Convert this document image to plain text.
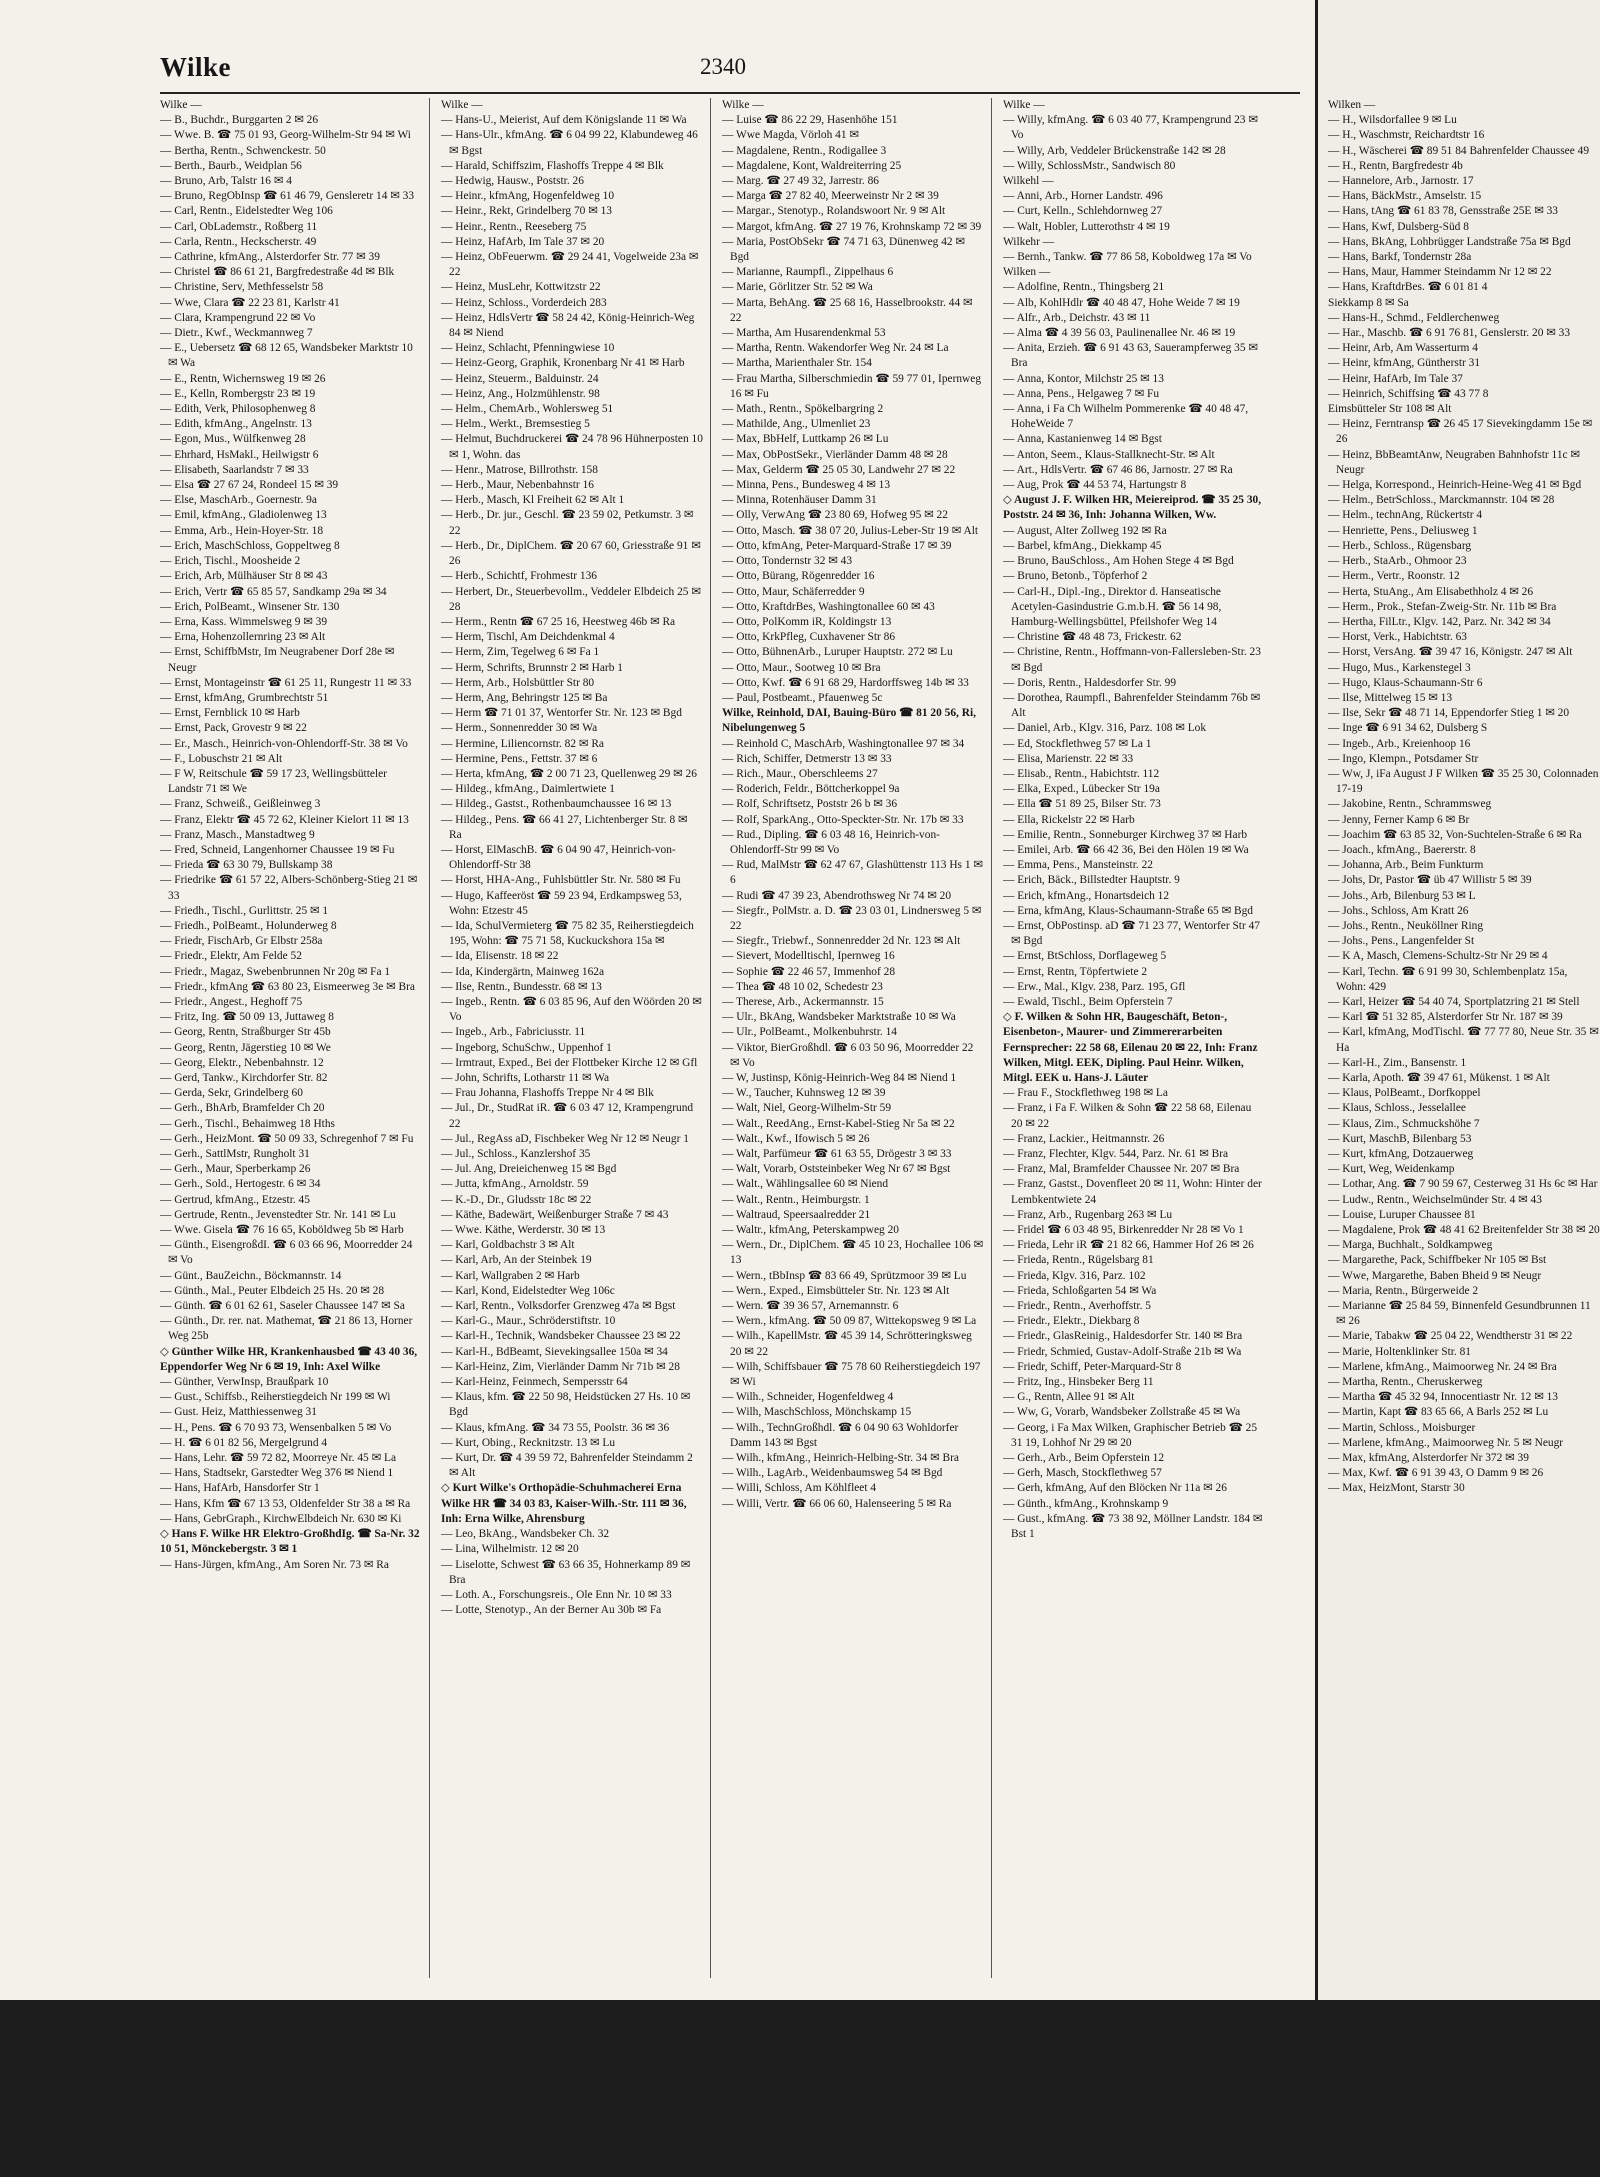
Wilke	2340

Wilke —

— B., Buchdr., Burggarten 2 ✉ 26

— Wwe. B. ☎ 75 01 93, Georg-Wilhelm-Str 94 ✉ Wi

— Bertha, Rentn., Schwenckestr. 50

— Berth., Baurb., Weidplan 56

— Bruno, Arb, Talstr 16 ✉ 4

— Bruno, RegObInsp ☎ 61 46 79, Gensleretr 14 ✉ 33

— Carl, Rentn., Eidelstedter Weg 106

— Carl, ObLademstr., Roßberg 11

— Carla, Rentn., Heckscherstr. 49

— Cathrine, kfmAng., Alsterdorfer Str. 77 ✉ 39

— Christel ☎ 86 61 21, Bargfredestraße 4d ✉ Blk

— Christine, Serv, Methfesselstr 58

— Wwe, Clara ☎ 22 23 81, Karlstr 41

— Clara, Krampengrund 22 ✉ Vo

— Dietr., Kwf., Weckmannweg 7

— E., Uebersetz ☎ 68 12 65, Wandsbeker Marktstr 10 ✉ Wa

— E., Rentn, Wichernsweg 19 ✉ 26

— E., Kelln, Rombergstr 23 ✉ 19

— Edith, Verk, Philosophenweg 8

— Edith, kfmAng., Angelnstr. 13

— Egon, Mus., Wülfkenweg 28

— Ehrhard, HsMakl., Heilwigstr 6

— Elisabeth, Saarlandstr 7 ✉ 33

— Elsa ☎ 27 67 24, Rondeel 15 ✉ 39

— Else, MaschArb., Goernestr. 9a

— Emil, kfmAng., Gladiolenweg 13

— Emma, Arb., Hein-Hoyer-Str. 18

— Erich, MaschSchloss, Goppeltweg 8

— Erich, Tischl., Moosheide 2

— Erich, Arb, Mülhäuser Str 8 ✉ 43

— Erich, Vertr ☎ 65 85 57, Sandkamp 29a ✉ 34

— Erich, PolBeamt., Winsener Str. 130

— Erna, Kass. Wimmelsweg 9 ✉ 39

— Erna, Hohenzollernring 23 ✉ Alt

— Ernst, SchiffbMstr, Im Neugrabener Dorf 28e ✉ Neugr

— Ernst, Montageinstr ☎ 61 25 11, Rungestr 11 ✉ 33

— Ernst, kfmAng, Grumbrechtstr 51

— Ernst, Fernblick 10 ✉ Harb

— Ernst, Pack, Grovestr 9 ✉ 22

— Er., Masch., Heinrich-von-Ohlendorff-Str. 38 ✉ Vo

— F., Lobuschstr 21 ✉ Alt

— F W, Reitschule ☎ 59 17 23, Wellingsbütteler Landstr 71 ✉ We

— Franz, Schweiß., Geißleinweg 3

— Franz, Elektr ☎ 45 72 62, Kleiner Kielort 11 ✉ 13

— Franz, Masch., Manstadtweg 9

— Fred, Schneid, Langenhorner Chaussee 19 ✉ Fu

— Frieda ☎ 63 30 79, Bullskamp 38

— Friedrike ☎ 61 57 22, Albers-Schönberg-Stieg 21 ✉ 33

— Friedh., Tischl., Gurlittstr. 25 ✉ 1

— Friedh., PolBeamt., Holunderweg 8

— Friedr, FischArb, Gr Elbstr 258a

— Friedr., Elektr, Am Felde 52

— Friedr., Magaz, Swebenbrunnen Nr 20g ✉ Fa 1

— Friedr., kfmAng ☎ 63 80 23, Eismeerweg 3e ✉ Bra

— Friedr., Angest., Heghoff 75

— Fritz, Ing. ☎ 50 09 13, Juttaweg 8

— Georg, Rentn, Straßburger Str 45b

— Georg, Rentn, Jägerstieg 10 ✉ We

— Georg, Elektr., Nebenbahnstr. 12

— Gerd, Tankw., Kirchdorfer Str. 82

— Gerda, Sekr, Grindelberg 60

— Gerh., BhArb, Bramfelder Ch 20

— Gerh., Tischl., Behaimweg 18 Hths

— Gerh., HeizMont. ☎ 50 09 33, Schregenhof 7 ✉ Fu

— Gerh., SattlMstr, Rungholt 31

— Gerh., Maur, Sperberkamp 26

— Gerh., Sold., Hertogestr. 6 ✉ 34

— Gertrud, kfmAng., Etzestr. 45

— Gertrude, Rentn., Jevenstedter Str. Nr. 141 ✉ Lu

— Wwe. Gisela ☎ 76 16 65, Koböldweg 5b ✉ Harb

— Günth., EisengroßdI. ☎ 6 03 66 96, Moorredder 24 ✉ Vo

— Günt., BauZeichn., Böckmannstr. 14

— Günth., Mal., Peuter Elbdeich 25 Hs. 20 ✉ 28

— Günth. ☎ 6 01 62 61, Saseler Chaussee 147 ✉ Sa

— Günth., Dr. rer. nat. Mathemat, ☎ 21 86 13, Horner Weg 25b

◇ Günther Wilke HR, Krankenhausbed ☎ 43 40 36, Eppendorfer Weg Nr 6 ✉ 19, Inh: Axel Wilke

— Günther, VerwInsp, Braußpark 10

— Gust., Schiffsb., Reiherstiegdeich Nr 199 ✉ Wi

— Gust. Heiz, Matthiessenweg 31

— H., Pens. ☎ 6 70 93 73, Wensenbalken 5 ✉ Vo

— H. ☎ 6 01 82 56, Mergelgrund 4

— Hans, Lehr. ☎ 59 72 82, Moorreye Nr. 45 ✉ La

— Hans, Stadtsekr, Garstedter Weg 376 ✉ Niend 1

— Hans, HafArb, Hansdorfer Str 1

— Hans, Kfm ☎ 67 13 53, Oldenfelder Str 38 a ✉ Ra

— Hans, GebrGraph., KirchwElbdeich Nr. 630 ✉ Ki

◇ Hans F. Wilke HR Elektro-GroßhdIg. ☎ Sa-Nr. 32 10 51, Mönckebergstr. 3 ✉ 1

— Hans-Jürgen, kfmAng., Am Soren Nr. 73 ✉ Ra

Wilke —

— Hans-U., Meierist, Auf dem Königslande 11 ✉ Wa

— Hans-Ulr., kfmAng. ☎ 6 04 99 22, Klabundeweg 46 ✉ Bgst

— Harald, Schiffszim, Flashoffs Treppe 4 ✉ Blk

— Hedwig, Hausw., Poststr. 26

— Heinr., kfmAng, Hogenfeldweg 10

— Heinr., Rekt, Grindelberg 70 ✉ 13

— Heinr., Rentn., Reeseberg 75

— Heinz, HafArb, Im Tale 37 ✉ 20

— Heinz, ObFeuerwm. ☎ 29 24 41, Vogelweide 23a ✉ 22

— Heinz, MusLehr, Kottwitzstr 22

— Heinz, Schloss., Vorderdeich 283

— Heinz, HdlsVertr ☎ 58 24 42, König-Heinrich-Weg 84 ✉ Niend

— Heinz, Schlacht, Pfenningwiese 10

— Heinz-Georg, Graphik, Kronenbarg Nr 41 ✉ Harb

— Heinz, Steuerm., Balduinstr. 24

— Heinz, Ang., Holzmühlenstr. 98

— Helm., ChemArb., Wohlersweg 51

— Helm., Werkt., Bremsestieg 5

— Helmut, Buchdruckerei ☎ 24 78 96 Hühnerposten 10 ✉ 1, Wohn. das

— Henr., Matrose, Billrothstr. 158

— Herb., Maur, Nebenbahnstr 16

— Herb., Masch, Kl Freiheit 62 ✉ Alt 1

— Herb., Dr. jur., Geschl. ☎ 23 59 02, Petkumstr. 3 ✉ 22

— Herb., Dr., DiplChem. ☎ 20 67 60, Griesstraße 91 ✉ 26

— Herb., Schichtf, Frohmestr 136

— Herbert, Dr., Steuerbevollm., Veddeler Elbdeich 25 ✉ 28

— Herm., Rentn ☎ 67 25 16, Heestweg 46b ✉ Ra

— Herm, Tischl, Am Deichdenkmal 4

— Herm, Zim, Tegelweg 6 ✉ Fa 1

— Herm, Schrifts, Brunnstr 2 ✉ Harb 1

— Herm, Arb., Holsbüttler Str 80

— Herm, Ang, Behringstr 125 ✉ Ba

— Herm ☎ 71 01 37, Wentorfer Str. Nr. 123 ✉ Bgd

— Herm., Sonnenredder 30 ✉ Wa

— Hermine, Liliencornstr. 82 ✉ Ra

— Hermine, Pens., Fettstr. 37 ✉ 6

— Herta, kfmAng, ☎ 2 00 71 23, Quellenweg 29 ✉ 26

— Hildeg., kfmAng., Daimlertwiete 1

— Hildeg., Gastst., Rothenbaumchaussee 16 ✉ 13

— Hildeg., Pens. ☎ 66 41 27, Lichtenberger Str. 8 ✉ Ra

— Horst, ElMaschB. ☎ 6 04 90 47, Heinrich-von-Ohlendorff-Str 38

— Horst, HHA-Ang., Fuhlsbüttler Str. Nr. 580 ✉ Fu

— Hugo, Kaffeeröst ☎ 59 23 94, Erdkampsweg 53, Wohn: Etzestr 45

— Ida, SchulVermieterg ☎ 75 82 35, Reiherstiegdeich 195, Wohn: ☎ 75 71 58, Kuckuckshora 15a ✉

— Ida, Elisenstr. 18 ✉ 22

— Ida, Kindergärtn, Mainweg 162a

— Ilse, Rentn., Bundesstr. 68 ✉ 13

— Ingeb., Rentn. ☎ 6 03 85 96, Auf den Wöörden 20 ✉ Vo

— Ingeb., Arb., Fabriciusstr. 11

— Ingeborg, SchuSchw., Uppenhof 1

— Irmtraut, Exped., Bei der Flottbeker Kirche 12 ✉ Gfl

— John, Schrifts, Lotharstr 11 ✉ Wa

— Frau Johanna, Flashoffs Treppe Nr 4 ✉ Blk

— Jul., Dr., StudRat iR. ☎ 6 03 47 12, Krampengrund 22

— Jul., RegAss aD, Fischbeker Weg Nr 12 ✉ Neugr 1

— Jul., Schloss., Kanzlershof 35

— Jul. Ang, Dreieichenweg 15 ✉ Bgd

— Jutta, kfmAng., Arnoldstr. 59

— K.-D., Dr., Gludsstr 18c ✉ 22

— Käthe, Badewärt, Weißenburger Straße 7 ✉ 43

— Wwe. Käthe, Werderstr. 30 ✉ 13

— Karl, Goldbachstr 3 ✉ Alt

— Karl, Arb, An der Steinbek 19

— Karl, Wallgraben 2 ✉ Harb

— Karl, Kond, Eidelstedter Weg 106c

— Karl, Rentn., Volksdorfer Grenzweg 47a ✉ Bgst

— Karl-G., Maur., Schröderstiftstr. 10

— Karl-H., Technik, Wandsbeker Chaussee 23 ✉ 22

— Karl-H., BdBeamt, Sievekingsallee 150a ✉ 34

— Karl-Heinz, Zim, Vierländer Damm Nr 71b ✉ 28

— Karl-Heinz, Feinmech, Sempersstr 64

— Klaus, kfm. ☎ 22 50 98, Heidstücken 27 Hs. 10 ✉ Bgd

— Klaus, kfmAng. ☎ 34 73 55, Poolstr. 36 ✉ 36

— Kurt, Obing., Recknitzstr. 13 ✉ Lu

— Kurt, Dr. ☎ 4 39 59 72, Bahrenfelder Steindamm 2 ✉ Alt

◇ Kurt Wilke's Orthopädie-Schuhmacherei Erna Wilke HR ☎ 34 03 83, Kaiser-Wilh.-Str. 111 ✉ 36, Inh: Erna Wilke, Ahrensburg

— Leo, BkAng., Wandsbeker Ch. 32

— Lina, Wilhelmistr. 12 ✉ 20

— Liselotte, Schwest ☎ 63 66 35, Hohnerkamp 89 ✉ Bra

— Loth. A., Forschungsreis., Ole Enn Nr. 10 ✉ 33

— Lotte, Stenotyp., An der Berner Au 30b ✉ Fa

Wilke —

— Luise ☎ 86 22 29, Hasenhöhe 151

— Wwe Magda, Vörloh 41 ✉

— Magdalene, Rentn., Rodigallee 3

— Magdalene, Kont, Waldreiterring 25

— Marg. ☎ 27 49 32, Jarrestr. 86

— Marga ☎ 27 82 40, Meerweinstr Nr 2 ✉ 39

— Margar., Stenotyp., Rolandswoort Nr. 9 ✉ Alt

— Margot, kfmAng. ☎ 27 19 76, Krohnskamp 72 ✉ 39

— Maria, PostObSekr ☎ 74 71 63, Dünenweg 42 ✉ Bgd

— Marianne, Raumpfl., Zippelhaus 6

— Marie, Görlitzer Str. 52 ✉ Wa

— Marta, BehAng. ☎ 25 68 16, Hasselbrookstr. 44 ✉ 22

— Martha, Am Husarendenkmal 53

— Martha, Rentn. Wakendorfer Weg Nr. 24 ✉ La

— Martha, Marienthaler Str. 154

— Frau Martha, Silberschmiedin ☎ 59 77 01, Ipernweg 16 ✉ Fu

— Math., Rentn., Spökelbargring 2

— Mathilde, Ang., Ulmenliet 23

— Max, BbHelf, Luttkamp 26 ✉ Lu

— Max, ObPostSekr., Vierländer Damm 48 ✉ 28

— Max, Gelderm ☎ 25 05 30, Landwehr 27 ✉ 22

— Minna, Pens., Bundesweg 4 ✉ 13

— Minna, Rotenhäuser Damm 31

— Olly, VerwAng ☎ 23 80 69, Hofweg 95 ✉ 22

— Otto, Masch. ☎ 38 07 20, Julius-Leber-Str 19 ✉ Alt

— Otto, kfmAng, Peter-Marquard-Straße 17 ✉ 39

— Otto, Tondernstr 32 ✉ 43

— Otto, Bürang, Rögenredder 16

— Otto, Maur, Schäferredder 9

— Otto, KraftdrBes, Washingtonallee 60 ✉ 43

— Otto, PolKomm iR, Koldingstr 13

— Otto, KrkPfleg, Cuxhavener Str 86

— Otto, BühnenArb., Luruper Hauptstr. 272 ✉ Lu

— Otto, Maur., Sootweg 10 ✉ Bra

— Otto, Kwf. ☎ 6 91 68 29, Hardorffsweg 14b ✉ 33

— Paul, Postbeamt., Pfauenweg 5c

Wilke, Reinhold, DAI, Bauing-Büro ☎ 81 20 56, Ri, Nibelungenweg 5

— Reinhold C, MaschArb, Washingtonallee 97 ✉ 34

— Rich, Schiffer, Detmerstr 13 ✉ 33

— Rich., Maur., Oberschleems 27

— Roderich, Feldr., Böttcherkoppel 9a

— Rolf, Schriftsetz, Poststr 26 b ✉ 36

— Rolf, SparkAng., Otto-Speckter-Str. Nr. 17b ✉ 33

— Rud., Dipling. ☎ 6 03 48 16, Heinrich-von-Ohlendorff-Str 99 ✉ Vo

— Rud, MalMstr ☎ 62 47 67, Glashüttenstr 113 Hs 1 ✉ 6

— Rudi ☎ 47 39 23, Abendrothsweg Nr 74 ✉ 20

— Siegfr., PolMstr. a. D. ☎ 23 03 01, Lindnersweg 5 ✉ 22

— Siegfr., Triebwf., Sonnenredder 2d Nr. 123 ✉ Alt

— Sievert, Modelltischl, Ipernweg 16

— Sophie ☎ 22 46 57, Immenhof 28

— Thea ☎ 48 10 02, Schedestr 23

— Therese, Arb., Ackermannstr. 15

— Ulr., BkAng, Wandsbeker Marktstraße 10 ✉ Wa

— Ulr., PolBeamt., Molkenbuhrstr. 14

— Viktor, BierGroßhdl. ☎ 6 03 50 96, Moorredder 22 ✉ Vo

— W, Justinsp, König-Heinrich-Weg 84 ✉ Niend 1

— W., Taucher, Kuhnsweg 12 ✉ 39

— Walt, Niel, Georg-Wilhelm-Str 59

— Walt., ReedAng., Ernst-Kabel-Stieg Nr 5a ✉ 22

— Walt., Kwf., Ifowisch 5 ✉ 26

— Walt, Parfümeur ☎ 61 63 55, Drögestr 3 ✉ 33

— Walt, Vorarb, Oststeinbeker Weg Nr 67 ✉ Bgst

— Walt., Wählingsallee 60 ✉ Niend

— Walt., Rentn., Heimburgstr. 1

— Waltraud, Speersaalredder 21

— Waltr., kfmAng, Peterskampweg 20

— Wern., Dr., DiplChem. ☎ 45 10 23, Hochallee 106 ✉ 13

— Wern., tBbInsp ☎ 83 66 49, Sprützmoor 39 ✉ Lu

— Wern., Exped., Eimsbütteler Str. Nr. 123 ✉ Alt

— Wern. ☎ 39 36 57, Arnemannstr. 6

— Wern., kfmAng. ☎ 50 09 87, Wittekopsweg 9 ✉ La

— Wilh., KapellMstr. ☎ 45 39 14, Schrötteringksweg 20 ✉ 22

— Wilh, Schiffsbauer ☎ 75 78 60 Reiherstiegdeich 197 ✉ Wi

— Wilh., Schneider, Hogenfeldweg 4

— Wilh, MaschSchloss, Mönchskamp 15

— Wilh., TechnGroßhdl. ☎ 6 04 90 63 Wohldorfer Damm 143 ✉ Bgst

— Wilh., kfmAng., Heinrich-Helbing-Str. 34 ✉ Bra

— Wilh., LagArb., Weidenbaumsweg 54 ✉ Bgd

— Willi, Schloss, Am Köhlfleet 4

— Willi, Vertr. ☎ 66 06 60, Halenseering 5 ✉ Ra

Wilke —

— Willy, kfmAng. ☎ 6 03 40 77, Krampengrund 23 ✉ Vo

— Willy, Arb, Veddeler Brückenstraße 142 ✉ 28

— Willy, SchlossMstr., Sandwisch 80

Wilkehl —

— Anni, Arb., Horner Landstr. 496

— Curt, Kelln., Schlehdornweg 27

— Walt, Hobler, Lutterothstr 4 ✉ 19

Wilkehr —

— Bernh., Tankw. ☎ 77 86 58, Koboldweg 17a ✉ Vo

Wilken —

— Adolfine, Rentn., Thingsberg 21

— Alb, KohlHdlr ☎ 40 48 47, Hohe Weide 7 ✉ 19

— Alfr., Arb., Deichstr. 43 ✉ 11

— Alma ☎ 4 39 56 03, Paulinenallee Nr. 46 ✉ 19

— Anita, Erzieh. ☎ 6 91 43 63, Sauerampferweg 35 ✉ Bra

— Anna, Kontor, Milchstr 25 ✉ 13

— Anna, Pens., Helgaweg 7 ✉ Fu

— Anna, i Fa Ch Wilhelm Pommerenke ☎ 40 48 47, HoheWeide 7

— Anna, Kastanienweg 14 ✉ Bgst

— Anton, Seem., Klaus-Stallknecht-Str. ✉ Alt

— Art., HdlsVertr. ☎ 67 46 86, Jarnostr. 27 ✉ Ra

— Aug, Prok ☎ 44 53 74, Hartungstr 8

◇ August J. F. Wilken HR, Meiereiprod. ☎ 35 25 30, Poststr. 24 ✉ 36, Inh: Johanna Wilken, Ww.

— August, Alter Zollweg 192 ✉ Ra

— Barbel, kfmAng., Diekkamp 45

— Bruno, BauSchloss., Am Hohen Stege 4 ✉ Bgd

— Bruno, Betonb., Töpferhof 2

— Carl-H., Dipl.-Ing., Direktor d. Hanseatische Acetylen-Gasindustrie G.m.b.H. ☎ 56 14 98, Hamburg-Wellingsbüttel, Pfeilshofer Weg 14

— Christine ☎ 48 48 73, Frickestr. 62

— Christine, Rentn., Hoffmann-von-Fallersleben-Str. 23 ✉ Bgd

— Doris, Rentn., Haldesdorfer Str. 99

— Dorothea, Raumpfl., Bahrenfelder Steindamm 76b ✉ Alt

— Daniel, Arb., Klgv. 316, Parz. 108 ✉ Lok

— Ed, Stockflethweg 57 ✉ La 1

— Elisa, Marienstr. 22 ✉ 33

— Elisab., Rentn., Habichtstr. 112

— Elka, Exped., Lübecker Str 19a

— Ella ☎ 51 89 25, Bilser Str. 73

— Ella, Rickelstr 22 ✉ Harb

— Emilie, Rentn., Sonneburger Kirchweg 37 ✉ Harb

— Emilei, Arb. ☎ 66 42 36, Bei den Hölen 19 ✉ Wa

— Emma, Pens., Mansteinstr. 22

— Erich, Bäck., Billstedter Hauptstr. 9

— Erich, kfmAng., Honartsdeich 12

— Erna, kfmAng, Klaus-Schaumann-Straße 65 ✉ Bgd

— Ernst, ObPostinsp. aD ☎ 71 23 77, Wentorfer Str 47 ✉ Bgd

— Ernst, BtSchloss, Dorflageweg 5

— Ernst, Rentn, Töpfertwiete 2

— Erw., Mal., Klgv. 238, Parz. 195, Gfl

— Ewald, Tischl., Beim Opferstein 7

◇ F. Wilken & Sohn HR, Baugeschäft, Beton-, Eisenbeton-, Maurer- und Zimmererarbeiten Fernsprecher: 22 58 68, Eilenau 20 ✉ 22, Inh: Franz Wilken, Mitgl. EEK, Dipling. Paul Heinr. Wilken, Mitgl. EEK u. Hans-J. Läuter

— Frau F., Stockflethweg 198 ✉ La

— Franz, i Fa F. Wilken & Sohn ☎ 22 58 68, Eilenau 20 ✉ 22

— Franz, Lackier., Heitmannstr. 26

— Franz, Flechter, Klgv. 544, Parz. Nr. 61 ✉ Bra

— Franz, Mal, Bramfelder Chaussee Nr. 207 ✉ Bra

— Franz, Gastst., Dovenfleet 20 ✉ 11, Wohn: Hinter der Lembkentwiete 24

— Franz, Arb., Rugenbarg 263 ✉ Lu

— Fridel ☎ 6 03 48 95, Birkenredder Nr 28 ✉ Vo 1

— Frieda, Lehr iR ☎ 21 82 66, Hammer Hof 26 ✉ 26

— Frieda, Rentn., Rügelsbarg 81

— Frieda, Klgv. 316, Parz. 102

— Frieda, Schloßgarten 54 ✉ Wa

— Friedr., Rentn., Averhoffstr. 5

— Friedr., Elektr., Diekbarg 8

— Friedr., GlasReinig., Haldesdorfer Str. 140 ✉ Bra

— Friedr, Schmied, Gustav-Adolf-Straße 21b ✉ Wa

— Friedr, Schiff, Peter-Marquard-Str 8

— Fritz, Ing., Hinsbeker Berg 11

— G., Rentn, Allee 91 ✉ Alt

— Ww, G, Vorarb, Wandsbeker Zollstraße 45 ✉ Wa

— Georg, i Fa Max Wilken, Graphischer Betrieb ☎ 25 31 19, Lohhof Nr 29 ✉ 20

— Gerh., Arb., Beim Opferstein 12

— Gerh, Masch, Stockflethweg 57

— Gerh, kfmAng, Auf den Blöcken Nr 11a ✉ 26

— Günth., kfmAng., Krohnskamp 9

— Gust., kfmAng. ☎ 73 38 92, Möllner Landstr. 184 ✉ Bst 1

Wilken —

— H., Wilsdorfallee 9 ✉ Lu

— H., Waschmstr, Reichardtstr 16

— H., Wäscherei ☎ 89 51 84 Bahrenfelder Chaussee 49

— H., Rentn, Bargfredestr 4b

— Hannelore, Arb., Jarnostr. 17

— Hans, BäckMstr., Amselstr. 15

— Hans, tAng ☎ 61 83 78, Gensstraße 25E ✉ 33

— Hans, Kwf, Dulsberg-Süd 8

— Hans, BkAng, Lohbrügger Landstraße 75a ✉ Bgd

— Hans, Barkf, Tondernstr 28a

— Hans, Maur, Hammer Steindamm Nr 12 ✉ 22

— Hans, KraftdrBes. ☎ 6 01 81 4

Siekkamp 8 ✉ Sa

— Hans-H., Schmd., Feldlerchenweg

— Har., Maschb. ☎ 6 91 76 81, Genslerstr. 20 ✉ 33

— Heinr, Arb, Am Wasserturm 4

— Heinr, kfmAng, Güntherstr 31

— Heinr, HafArb, Im Tale 37

— Heinrich, Schiffsing ☎ 43 77 8

Eimsbütteler Str 108 ✉ Alt

— Heinz, Ferntransp ☎ 26 45 17 Sievekingdamm 15e ✉ 26

— Heinz, BbBeamtAnw, Neugraben Bahnhofstr 11c ✉ Neugr

— Helga, Korrespond., Heinrich-Heine-Weg 41 ✉ Bgd

— Helm., BetrSchloss., Marckmannstr. 104 ✉ 28

— Helm., technAng, Rückertstr 4

— Henriette, Pens., Deliusweg 1

— Herb., Schloss., Rügensbarg

— Herb., StaArb., Ohmoor 23

— Herm., Vertr., Roonstr. 12

— Herta, StuAng., Am Elisabethholz 4 ✉ 26

— Herm., Prok., Stefan-Zweig-Str. Nr. 11b ✉ Bra

— Hertha, FilLtr., Klgv. 142, Parz. Nr. 342 ✉ 34

— Horst, Verk., Habichtstr. 63

— Horst, VersAng. ☎ 39 47 16, Königstr. 247 ✉ Alt

— Hugo, Mus., Karkenstegel 3

— Hugo, Klaus-Schaumann-Str 6

— Ilse, Mittelweg 15 ✉ 13

— Ilse, Sekr ☎ 48 71 14, Eppendorfer Stieg 1 ✉ 20

— Inge ☎ 6 91 34 62, Dulsberg S

— Ingeb., Arb., Kreienhoop 16

— Ingo, Klempn., Potsdamer Str

— Ww, J, iFa August J F Wilken ☎ 35 25 30, Colonnaden 17-19

— Jakobine, Rentn., Schrammsweg

— Jenny, Ferner Kamp 6 ✉ Br

— Joachim ☎ 63 85 32, Von-Suchtelen-Straße 6 ✉ Ra

— Joach., kfmAng., Baererstr. 8

— Johanna, Arb., Beim Funkturm

— Johs, Dr, Pastor ☎ üb 47 Willistr 5 ✉ 39

— Johs., Arb, Bilenburg 53 ✉ L

— Johs., Schloss, Am Kratt 26

— Johs., Rentn., Neuköllner Ring

— Johs., Pens., Langenfelder St

— K A, Masch, Clemens-Schultz-Str Nr 29 ✉ 4

— Karl, Techn. ☎ 6 91 99 30, Schlembenplatz 15a, Wohn: 429

— Karl, Heizer ☎ 54 40 74, Sportplatzring 21 ✉ Stell

— Karl ☎ 51 32 85, Alsterdorfer Str Nr. 187 ✉ 39

— Karl, kfmAng, ModTischl. ☎ 77 77 80, Neue Str. 35 ✉ Ha

— Karl-H., Zim., Bansenstr. 1

— Karla, Apoth. ☎ 39 47 61, Mükenst. 1 ✉ Alt

— Klaus, PolBeamt., Dorfkoppel

— Klaus, Schloss., Jesselallee

— Klaus, Zim., Schmuckshöhe 7

— Kurt, MaschB, Bilenbarg 53

— Kurt, kfmAng, Dotzauerweg

— Kurt, Weg, Weidenkamp

— Lothar, Ang. ☎ 7 90 59 67, Cesterweg 31 Hs 6c ✉ Har

— Ludw., Rentn., Weichselmünder Str. 4 ✉ 43

— Louise, Luruper Chaussee 81

— Magdalene, Prok ☎ 48 41 62 Breitenfelder Str 38 ✉ 20

— Marga, Buchhalt., Soldkampweg

— Margarethe, Pack, Schiffbeker Nr 105 ✉ Bst

— Wwe, Margarethe, Baben Bheid 9 ✉ Neugr

— Maria, Rentn., Bürgerweide 2

— Marianne ☎ 25 84 59, Binnenfeld Gesundbrunnen 11 ✉ 26

— Marie, Tabakw ☎ 25 04 22, Wendtherstr 31 ✉ 22

— Marie, Holtenklinker Str. 81

— Marlene, kfmAng., Maimoorweg Nr. 24 ✉ Bra

— Martha, Rentn., Cheruskerweg

— Martha ☎ 45 32 94, Innocentiastr Nr. 12 ✉ 13

— Martin, Kapt ☎ 83 65 66, A Barls 252 ✉ Lu

— Martin, Schloss., Moisburger

— Marlene, kfmAng., Maimoorweg Nr. 5 ✉ Neugr

— Max, kfmAng, Alsterdorfer Nr 372 ✉ 39

— Max, Kwf. ☎ 6 91 39 43, O Damm 9 ✉ 26

— Max, HeizMont, Starstr 30
